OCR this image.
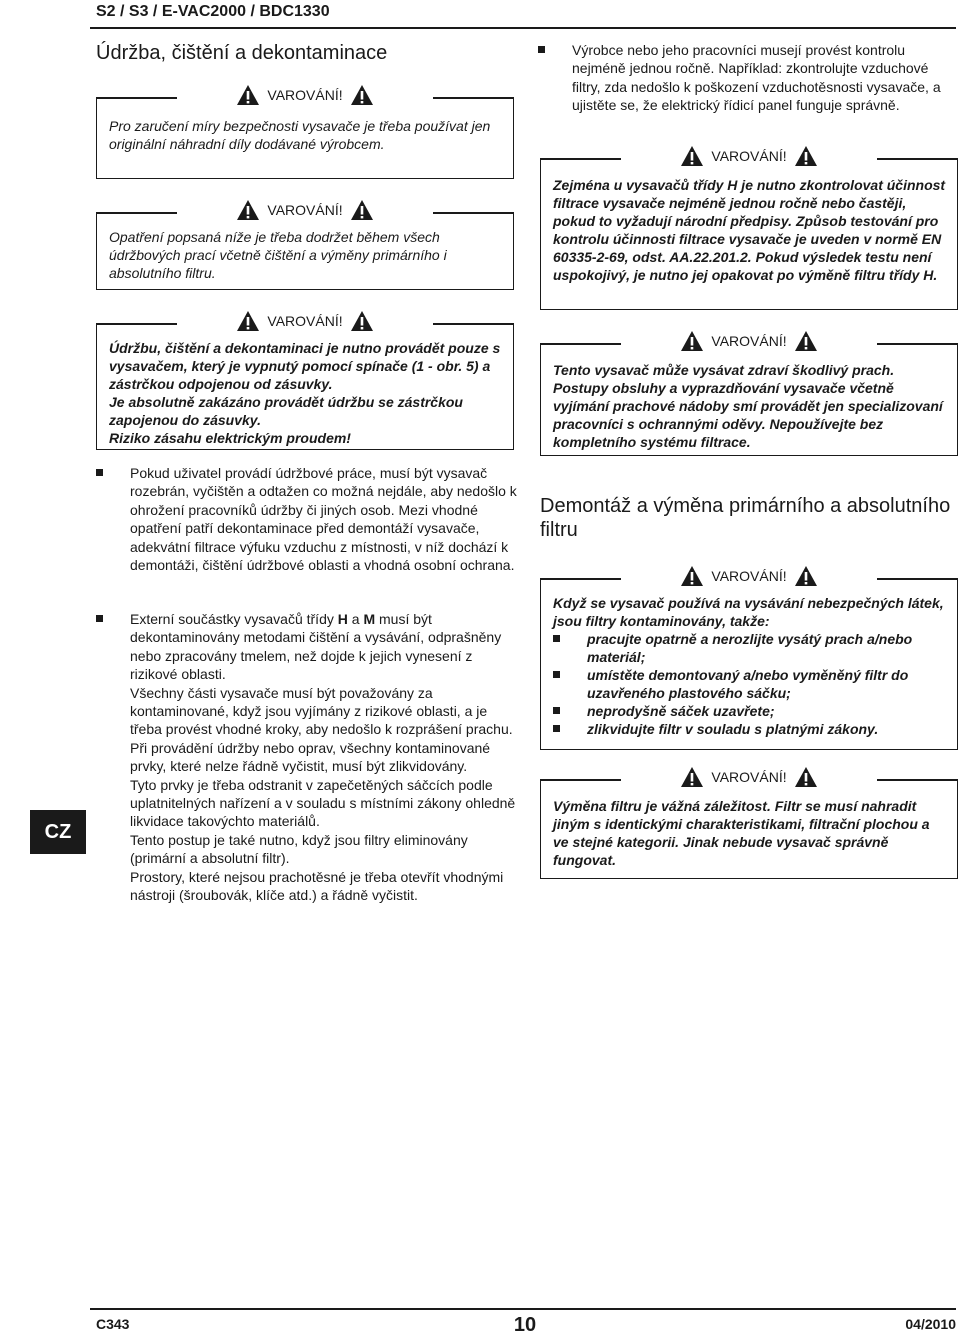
S2 / S3 / E-VAC2000 / BDC1330
Údržba, čištění a dekontaminace
VAROVÁNÍ!
Pro zaručení míry bezpečnosti vysavače je třeba používat jen originální náhradní díly dodávané výrobcem.
VAROVÁNÍ!
Opatření popsaná níže je třeba dodržet během všech údržbových prací včetně čištění a výměny primárního i absolutního filtru.
VAROVÁNÍ!
Údržbu, čištění a dekontaminaci je nutno provádět pouze s vysavačem, který je vypnutý pomocí spínače (1 - obr. 5) a zástrčkou odpojenou od zásuvky.
Je absolutně zakázáno provádět údržbu se zástrčkou zapojenou do zásuvky.
Riziko zásahu elektrickým proudem!
Pokud uživatel provádí údržbové práce, musí být vysavač rozebrán, vyčištěn a odtažen co možná nejdále, aby nedošlo k ohrožení pracovníků údržby či jiných osob. Mezi vhodné opatření patří dekontaminace před demontáží vysavače, adekvátní filtrace výfuku vzduchu z místnosti, v níž dochází k demontáži, čištění údržbové oblasti a vhodná osobní ochrana.
Externí součástky vysavačů třídy H a M musí být dekontaminovány metodami čištění a vysávání, odprašněny nebo zpracovány tmelem, než dojde k jejich vynesení z rizikové oblasti.
Všechny části vysavače musí být považovány za kontaminované, když jsou vyjímány z rizikové oblasti, a je třeba provést vhodné kroky, aby nedošlo k rozprášení prachu.
Při provádění údržby nebo oprav, všechny kontaminované prvky, které nelze řádně vyčistit, musí být zlikvidovány.
Tyto prvky je třeba odstranit v zapečetěných sáčcích podle uplatnitelných nařízení a v souladu s místními zákony ohledně likvidace takovýchto materiálů.
Tento postup je také nutno, když jsou filtry eliminovány (primární a absolutní filtr).
Prostory, které nejsou prachotěsné je třeba otevřít vhodnými nástroji (šroubovák, klíče atd.) a řádně vyčistit.
Výrobce nebo jeho pracovníci musejí provést kontrolu nejméně jednou ročně. Například: zkontrolujte vzduchové filtry, zda nedošlo k poškození vzduchotěsnosti vysavače, a ujistěte se, že elektrický řídicí panel funguje správně.
VAROVÁNÍ!
Zejména u vysavačů třídy H je nutno zkontrolovat účinnost filtrace vysavače nejméně jednou ročně nebo častěji, pokud to vyžadují národní předpisy. Způsob testování pro kontrolu účinnosti filtrace vysavače je uveden v normě EN 60335-2-69, odst. AA.22.201.2. Pokud výsledek testu není uspokojivý, je nutno jej opakovat po výměně filtru třídy H.
VAROVÁNÍ!
Tento vysavač může vysávat zdraví škodlivý prach. Postupy obsluhy a vyprazdňování vysavače včetně vyjímání prachové nádoby smí provádět jen specializovaní pracovníci s ochrannými oděvy. Nepoužívejte bez kompletního systému filtrace.
Demontáž a výměna primárního a absolutního filtru
VAROVÁNÍ!
Když se vysavač používá na vysávání nebezpečných látek, jsou filtry kontaminovány, takže:
pracujte opatrně a nerozlijte vysátý prach a/nebo materiál;
umístěte demontovaný a/nebo vyměněný filtr do uzavřeného plastového sáčku;
neprodyšně sáček uzavřete;
zlikvidujte filtr v souladu s platnými zákony.
VAROVÁNÍ!
Výměna filtru je vážná záležitost. Filtr se musí nahradit jiným s identickými charakteristikami, filtrační plochou a ve stejné kategorii. Jinak nebude vysavač správně fungovat.
CZ
C343	10	04/2010
